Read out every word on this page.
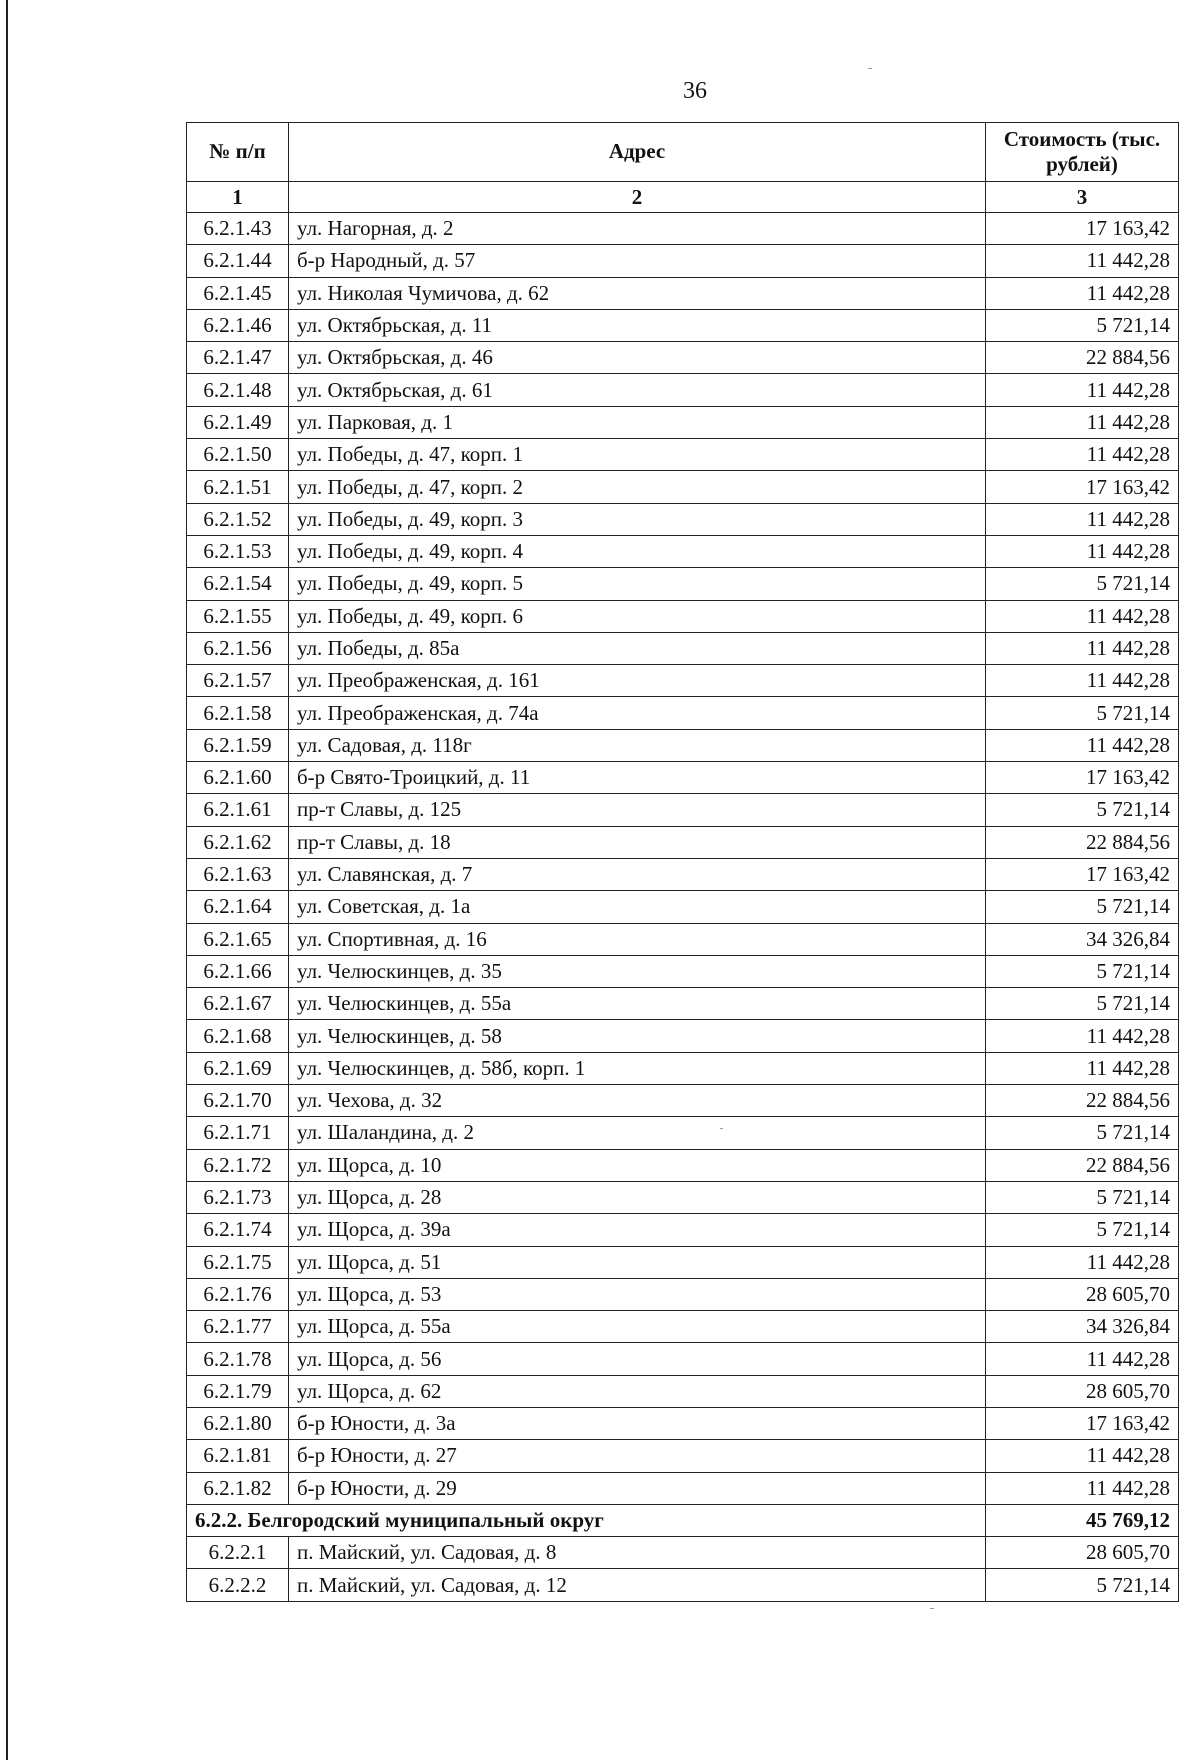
36
№ п/п	Адрес	Стоимость (тыс. рублей)
1	2	3
6.2.1.43	ул. Нагорная, д. 2	17 163,42
6.2.1.44	б-р Народный, д. 57	11 442,28
6.2.1.45	ул. Николая Чумичова, д. 62	11 442,28
6.2.1.46	ул. Октябрьская, д. 11	5 721,14
6.2.1.47	ул. Октябрьская, д. 46	22 884,56
6.2.1.48	ул. Октябрьская, д. 61	11 442,28
6.2.1.49	ул. Парковая, д. 1	11 442,28
6.2.1.50	ул. Победы, д. 47, корп. 1	11 442,28
6.2.1.51	ул. Победы, д. 47, корп. 2	17 163,42
6.2.1.52	ул. Победы, д. 49, корп. 3	11 442,28
6.2.1.53	ул. Победы, д. 49, корп. 4	11 442,28
6.2.1.54	ул. Победы, д. 49, корп. 5	5 721,14
6.2.1.55	ул. Победы, д. 49, корп. 6	11 442,28
6.2.1.56	ул. Победы, д. 85а	11 442,28
6.2.1.57	ул. Преображенская, д. 161	11 442,28
6.2.1.58	ул. Преображенская, д. 74а	5 721,14
6.2.1.59	ул. Садовая, д. 118г	11 442,28
6.2.1.60	б-р Свято-Троицкий, д. 11	17 163,42
6.2.1.61	пр-т Славы, д. 125	5 721,14
6.2.1.62	пр-т Славы, д. 18	22 884,56
6.2.1.63	ул. Славянская, д. 7	17 163,42
6.2.1.64	ул. Советская, д. 1а	5 721,14
6.2.1.65	ул. Спортивная, д. 16	34 326,84
6.2.1.66	ул. Челюскинцев, д. 35	5 721,14
6.2.1.67	ул. Челюскинцев, д. 55а	5 721,14
6.2.1.68	ул. Челюскинцев, д. 58	11 442,28
6.2.1.69	ул. Челюскинцев, д. 58б, корп. 1	11 442,28
6.2.1.70	ул. Чехова, д. 32	22 884,56
6.2.1.71	ул. Шаландина, д. 2	5 721,14
6.2.1.72	ул. Щорса, д. 10	22 884,56
6.2.1.73	ул. Щорса, д. 28	5 721,14
6.2.1.74	ул. Щорса, д. 39а	5 721,14
6.2.1.75	ул. Щорса, д. 51	11 442,28
6.2.1.76	ул. Щорса, д. 53	28 605,70
6.2.1.77	ул. Щорса, д. 55а	34 326,84
6.2.1.78	ул. Щорса, д. 56	11 442,28
6.2.1.79	ул. Щорса, д. 62	28 605,70
6.2.1.80	б-р Юности, д. 3а	17 163,42
6.2.1.81	б-р Юности, д. 27	11 442,28
6.2.1.82	б-р Юности, д. 29	11 442,28
6.2.2. Белгородский муниципальный округ		45 769,12
6.2.2.1	п. Майский, ул. Садовая, д. 8	28 605,70
6.2.2.2	п. Майский, ул. Садовая, д. 12	5 721,14
